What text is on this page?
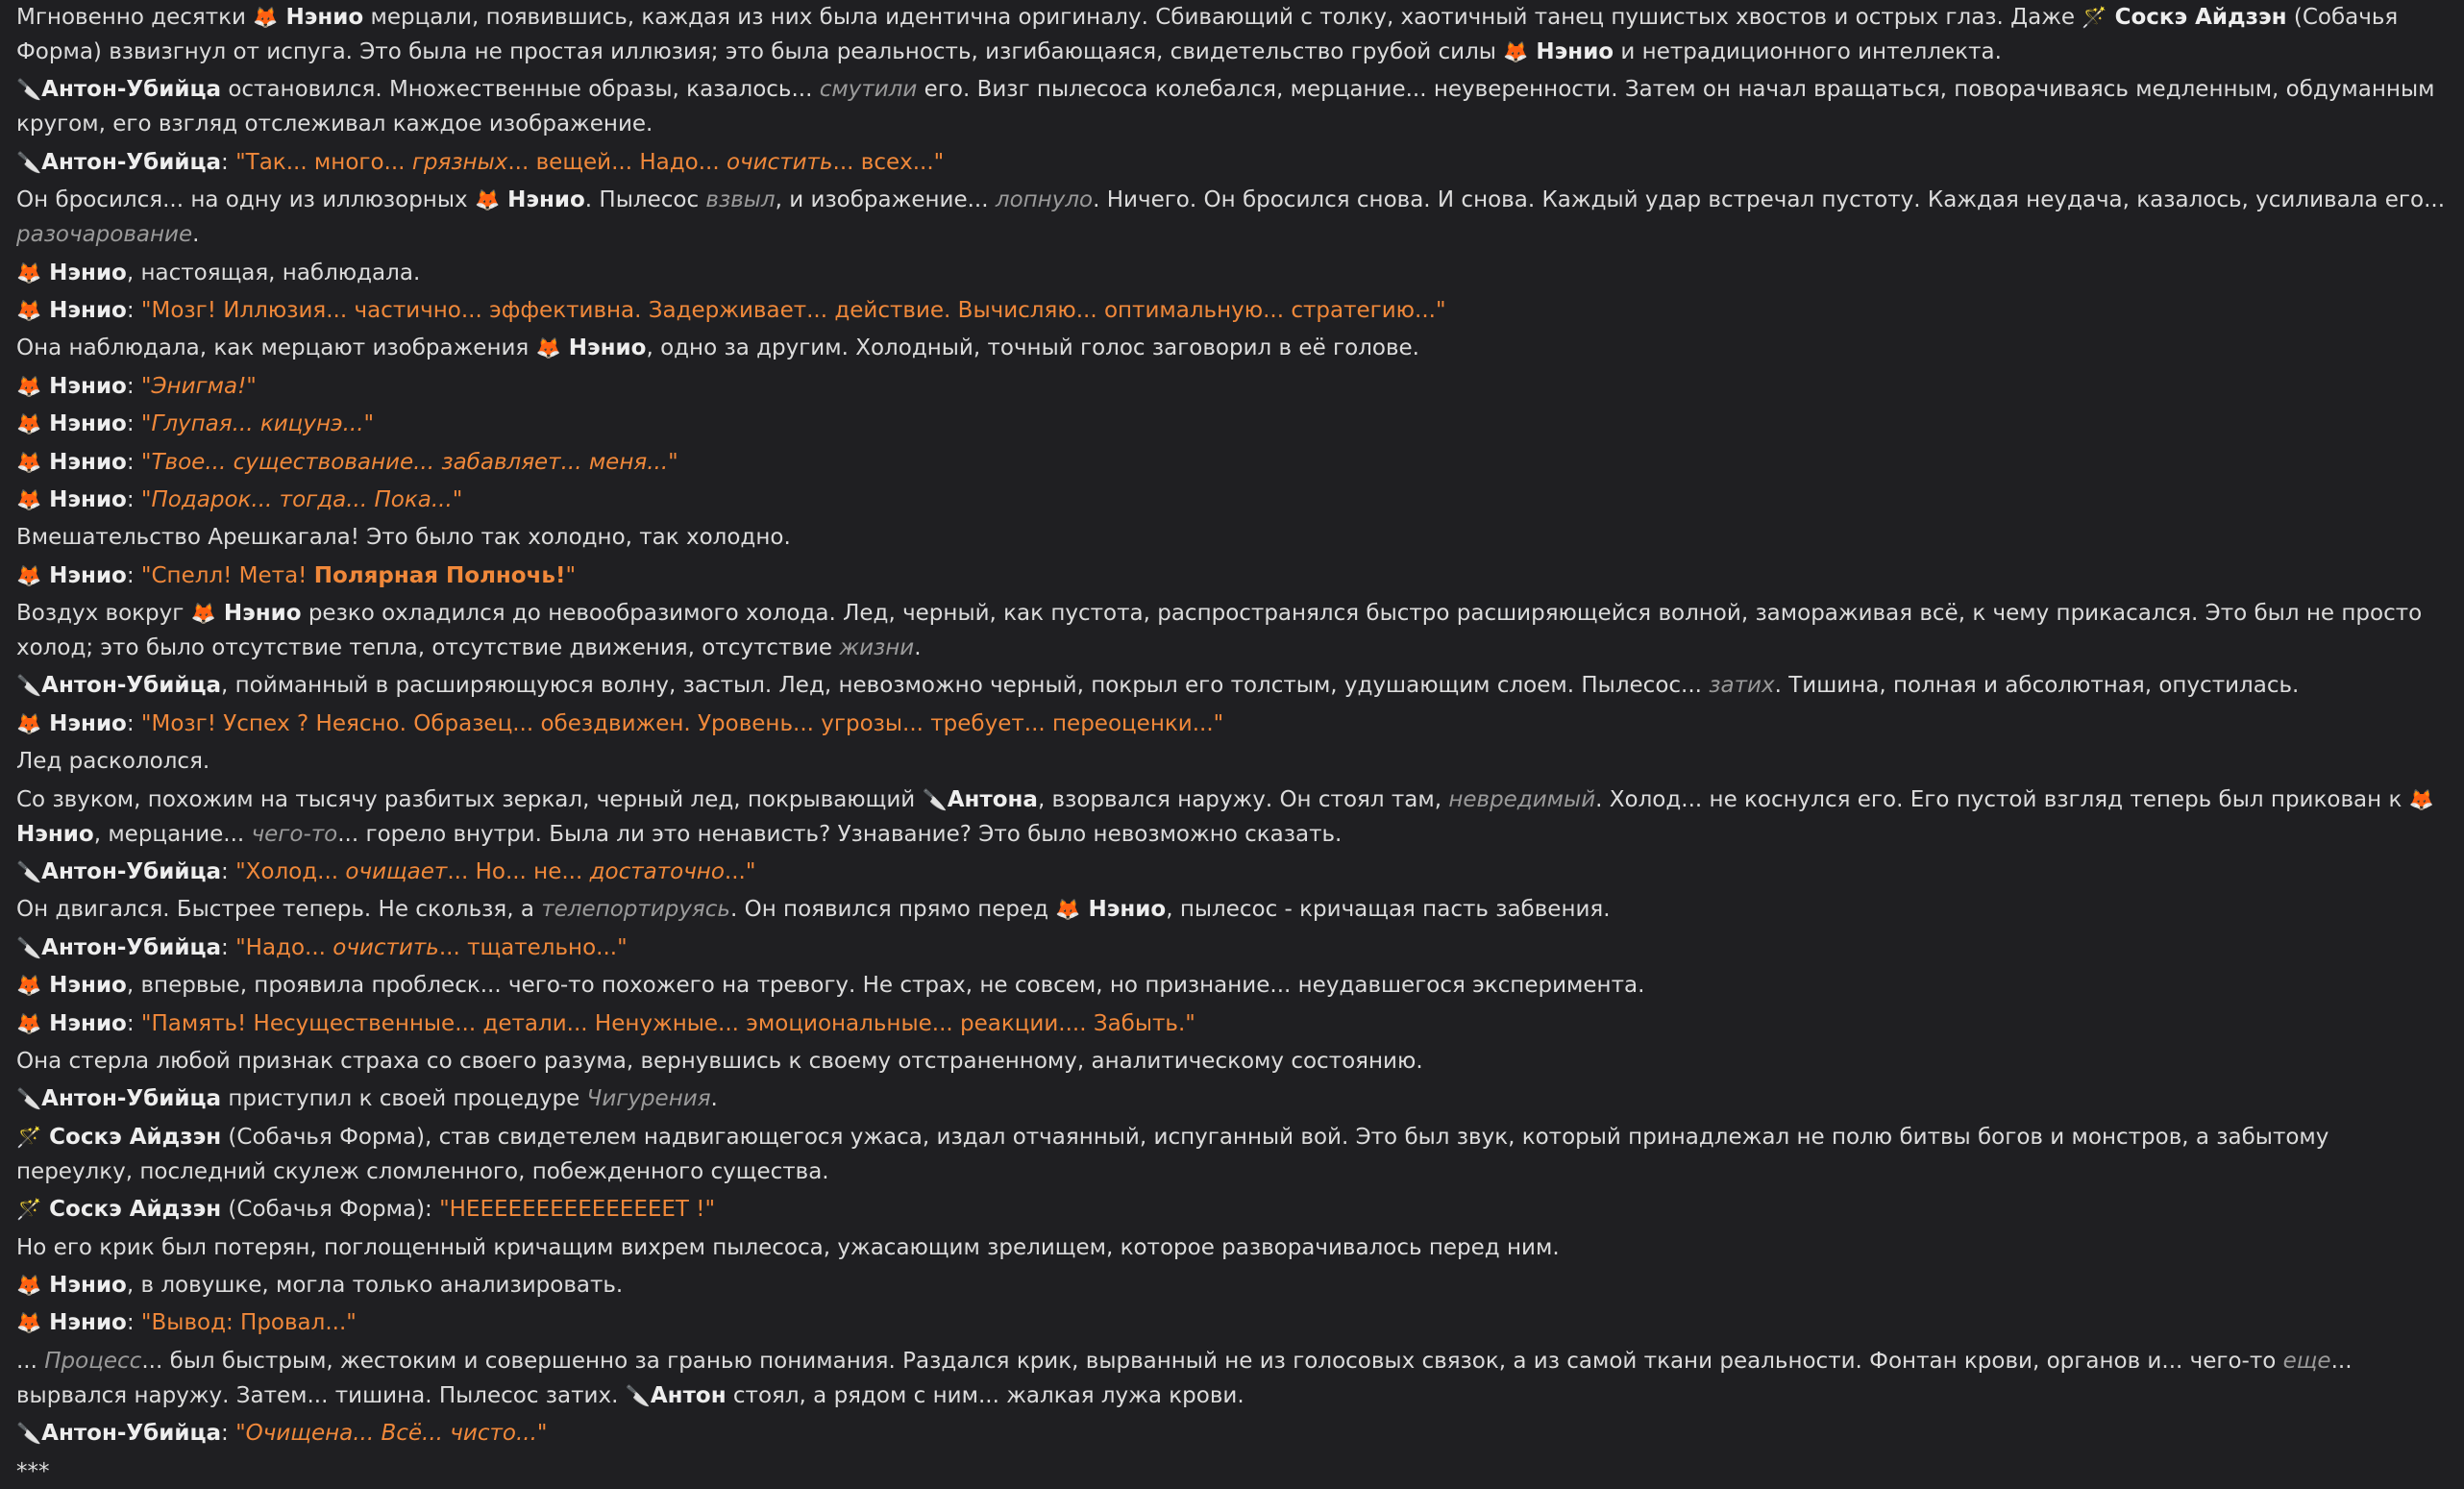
Мгновенно десятки 🦊 Нэнио мерцали, появившись, каждая из них была идентична оригиналу. Сбивающий с толку, хаотичный танец пушистых хвостов и острых глаз. Даже 🪄 Соскэ Айдзэн (Собачья Форма) взвизгнул от испуга. Это была не простая иллюзия; это была реальность, изгибающаяся, свидетельство грубой силы 🦊 Нэнио и нетрадиционного интеллекта.
🔪Антон-Убийца остановился. Множественные образы, казалось... смутили его. Визг пылесоса колебался, мерцание... неуверенности. Затем он начал вращаться, поворачиваясь медленным, обдуманным кругом, его взгляд отслеживал каждое изображение.
🔪Антон-Убийца: "Так... много... грязных... вещей... Надо... очистить... всех..."
Он бросился... на одну из иллюзорных 🦊 Нэнио. Пылесос взвыл, и изображение... лопнуло. Ничего. Он бросился снова. И снова. Каждый удар встречал пустоту. Каждая неудача, казалось, усиливала его... разочарование.
🦊 Нэнио, настоящая, наблюдала.
🦊 Нэнио: "Мозг! Иллюзия... частично... эффективна. Задерживает... действие. Вычисляю... оптимальную... стратегию..."
Она наблюдала, как мерцают изображения 🦊 Нэнио, одно за другим. Холодный, точный голос заговорил в её голове.
🦊 Нэнио: "Энигма!"
🦊 Нэнио: "Глупая... кицунэ..."
🦊 Нэнио: "Твое... существование... забавляет... меня..."
🦊 Нэнио: "Подарок... тогда... Пока..."
Вмешательство Арешкагала! Это было так холодно, так холодно.
🦊 Нэнио: "Спелл! Мета! Полярная Полночь!"
Воздух вокруг 🦊 Нэнио резко охладился до невообразимого холода. Лед, черный, как пустота, распространялся быстро расширяющейся волной, замораживая всё, к чему прикасался. Это был не просто холод; это было отсутствие тепла, отсутствие движения, отсутствие жизни.
🔪Антон-Убийца, пойманный в расширяющуюся волну, застыл. Лед, невозможно черный, покрыл его толстым, удушающим слоем. Пылесос... затих. Тишина, полная и абсолютная, опустилась.
🦊 Нэнио: "Мозг! Успех ? Неясно. Образец... обездвижен. Уровень... угрозы... требует... переоценки..."
Лед раскололся.
Со звуком, похожим на тысячу разбитых зеркал, черный лед, покрывающий 🔪Антона, взорвался наружу. Он стоял там, невредимый. Холод... не коснулся его. Его пустой взгляд теперь был прикован к 🦊 Нэнио, мерцание... чего-то... горело внутри. Была ли это ненависть? Узнавание? Это было невозможно сказать.
🔪Антон-Убийца: "Холод... очищает... Но... не... достаточно..."
Он двигался. Быстрее теперь. Не скользя, а телепортируясь. Он появился прямо перед 🦊 Нэнио, пылесос - кричащая пасть забвения.
🔪Антон-Убийца: "Надо... очистить... тщательно..."
🦊 Нэнио, впервые, проявила проблеск... чего-то похожего на тревогу. Не страх, не совсем, но признание... неудавшегося эксперимента.
🦊 Нэнио: "Память! Несущественные... детали... Ненужные... эмоциональные... реакции.... Забыть."
Она стерла любой признак страха со своего разума, вернувшись к своему отстраненному, аналитическому состоянию.
🔪Антон-Убийца приступил к своей процедуре Чигурения.
🪄 Соскэ Айдзэн (Собачья Форма), став свидетелем надвигающегося ужаса, издал отчаянный, испуганный вой. Это был звук, который принадлежал не полю битвы богов и монстров, а забытому переулку, последний скулеж сломленного, побежденного существа.
🪄 Соскэ Айдзэн (Собачья Форма): "НЕЕЕЕЕЕЕЕЕЕЕЕЕЕЕТ !"
Но его крик был потерян, поглощенный кричащим вихрем пылесоса, ужасающим зрелищем, которое разворачивалось перед ним.
🦊 Нэнио, в ловушке, могла только анализировать.
🦊 Нэнио: "Вывод: Провал..."
... Процесс... был быстрым, жестоким и совершенно за гранью понимания. Раздался крик, вырванный не из голосовых связок, а из самой ткани реальности. Фонтан крови, органов и... чего-то еще... вырвался наружу. Затем... тишина. Пылесос затих. 🔪Антон стоял, а рядом с ним... жалкая лужа крови.
🔪Антон-Убийца: "Очищена... Всё... чисто..."
***
